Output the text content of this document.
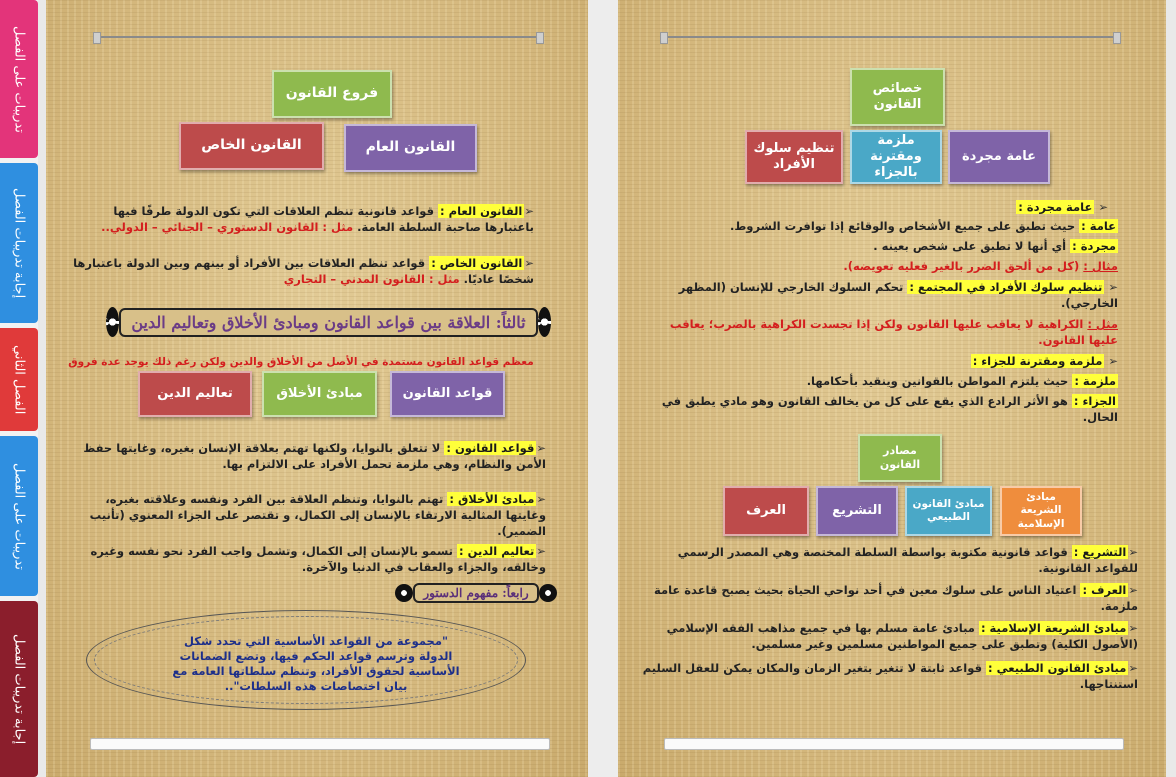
تدريبات على الفصل
إجابة تدريبات الفصل
الفصل الثاني
تدريبات على الفصل
إجابة تدريبات الفصل
فروع القانون
القانون العام
القانون الخاص
➢القانون العام : قواعد قانونية تنظم العلاقات التي تكون الدولة طرفًا فيها باعتبارها صاحبة السلطة العامة. مثل : القانون الدستوري – الجنائي – الدولي..
➢القانون الخاص : قواعد تنظم العلاقات بين الأفراد أو بينهم وبين الدولة باعتبارها شخصًا عاديًا. مثل : القانون المدني – التجاري
ثالثاً: العلاقة بين قواعد القانون ومبادئ الأخلاق وتعاليم الدين
معظم قواعد القانون مستمدة في الأصل من الأخلاق والدين ولكن رغم ذلك يوجد عدة فروق
قواعد القانون
مبادئ الأخلاق
تعاليم الدين
➢قواعد القانون : لا تتعلق بالنوايا، ولكنها تهتم بعلاقة الإنسان بغيره، وغايتها حفظ الأمن والنظام، وهي ملزمة تحمل الأفراد على الالتزام بها.
➢مبادئ الأخلاق : تهتم بالنوايا، وتنظم العلاقة بين الفرد ونفسه وعلاقته بغيره، وغايتها المثالية الارتقاء بالإنسان إلى الكمال، و تقتصر على الجزاء المعنوي (تأنيب الضمير).
➢تعاليم الدين : تسمو بالإنسان إلى الكمال، وتشمل واجب الفرد نحو نفسه وغيره وخالقه، والجزاء والعقاب في الدنيا والآخرة.
رابعاً: مفهوم الدستور
"مجموعة من القواعد الأساسية التي تحدد شكل الدولة وترسم قواعد الحكم فيها، وتضع الضمانات الأساسية لحقوق الأفراد، وتنظم سلطاتها العامة مع بيان اختصاصات هذه السلطات"..
خصائص القانون
عامة مجردة
ملزمة ومقترنة بالجزاء
تنظيم سلوك الأفراد
➢ عامة مجردة :
عامة : حيث تطبق على جميع الأشخاص والوقائع إذا توافرت الشروط.
مجردة : أي أنها لا تطبق على شخص بعينه .
مثال : (كل من ألحق الضرر بالغير فعليه تعويضه).
➢ تنظيم سلوك الأفراد في المجتمع : تحكم السلوك الخارجي للإنسان (المظهر الخارجي).
مثل : الكراهية لا يعاقب عليها القانون ولكن إذا تجسدت الكراهية بالضرب؛ يعاقب عليها القانون.
➢ ملزمة ومقترنة للجزاء :
ملزمة : حيث يلتزم المواطن بالقوانين وينقيد بأحكامها.
الجزاء : هو الأثر الرادع الذي يقع على كل من يخالف القانون وهو مادي يطبق في الحال.
مصادر القانون
مبادئ الشريعة الإسلامية
مبادئ القانون الطبيعي
التشريع
العرف
➢التشريع : قواعد قانونية مكتوبة بواسطة السلطة المختصة وهي المصدر الرسمي للقواعد القانونية.
➢العرف : اعتياد الناس على سلوك معين في أحد نواحي الحياة بحيث يصبح قاعدة عامة ملزمة.
➢مبادئ الشريعة الإسلامية : مبادئ عامة مسلم بها في جميع مذاهب الفقه الإسلامي (الأصول الكلية) وتطبق على جميع المواطنين مسلمين وغير مسلمين.
➢مبادئ القانون الطبيعي : قواعد ثابتة لا تتغير بتغير الزمان والمكان يمكن للعقل السليم استنتاجها.
